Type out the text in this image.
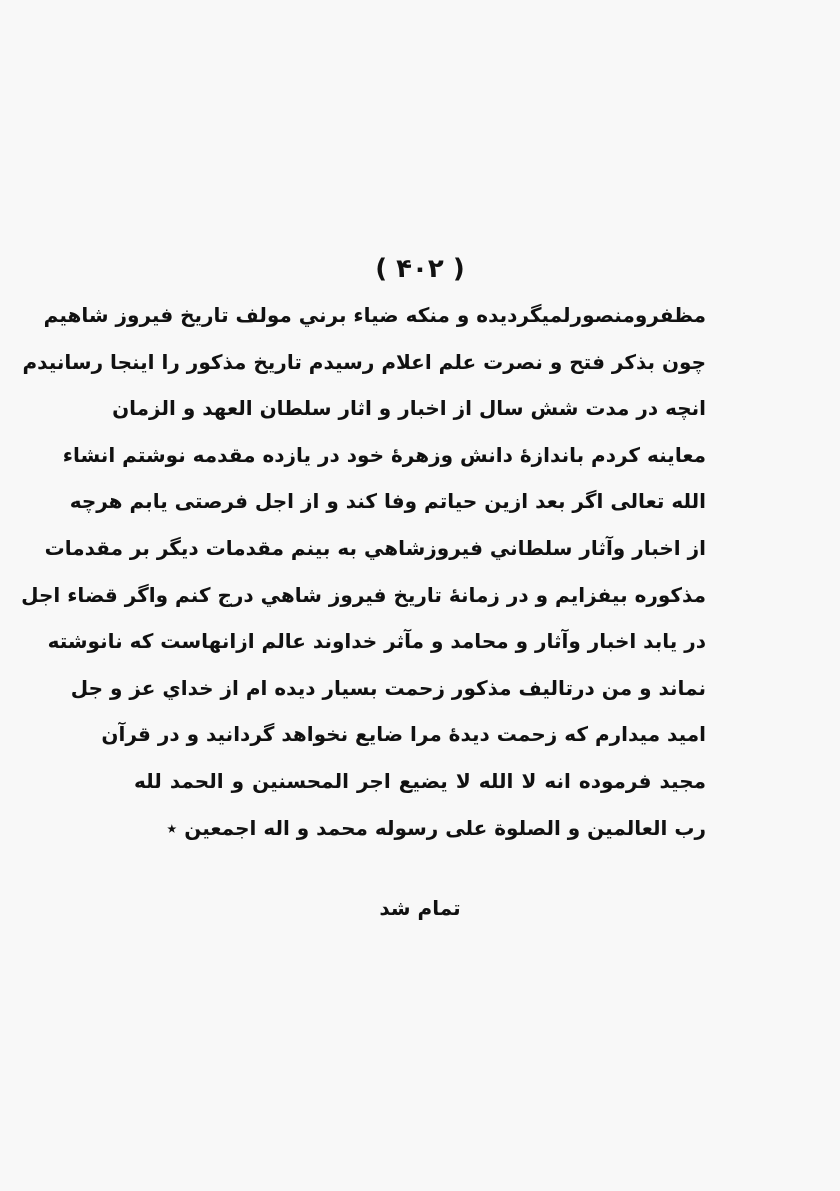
( ۴۰۲ )
مظفرومنصورلميگرديده و منکه ضياء برني مولف تاريخ فيروز شاهيم
چون بذکر فتح و نصرت علم اعلام رسيدم تاريخ مذکور را اينجا رسانيدم
انچه در مدت شش سال از اخبار و اثار سلطان العهد و الزمان
معاينه کردم باندازۀ دانش وزهرۀ خود در يازده مقدمه نوشتم انشاء
الله تعالى اگر بعد ازين حياتم وفا کند و از اجل فرصتى يابم هرچه
از اخبار وآثار سلطاني فيروزشاهي به بينم مقدمات ديگر بر مقدمات
مذکوره بيفزايم و در زمانۀ تاريخ فيروز شاهي درج کنم واگر قضاء اجل
در يابد اخبار وآثار و محامد و مآثر خداوند عالم ازانهاست که نانوشته
نماند و من درتاليف مذکور زحمت بسيار ديده ام از خداي عز و جل
اميد ميدارم که زحمت ديدۀ مرا ضايع نخواهد گردانيد و در قرآن
مجيد فرموده انه لا الله لا يضيع اجر المحسنين و الحمد لله
رب العالمين و الصلوة على رسوله محمد و اله اجمعين ٭
تمام شد
